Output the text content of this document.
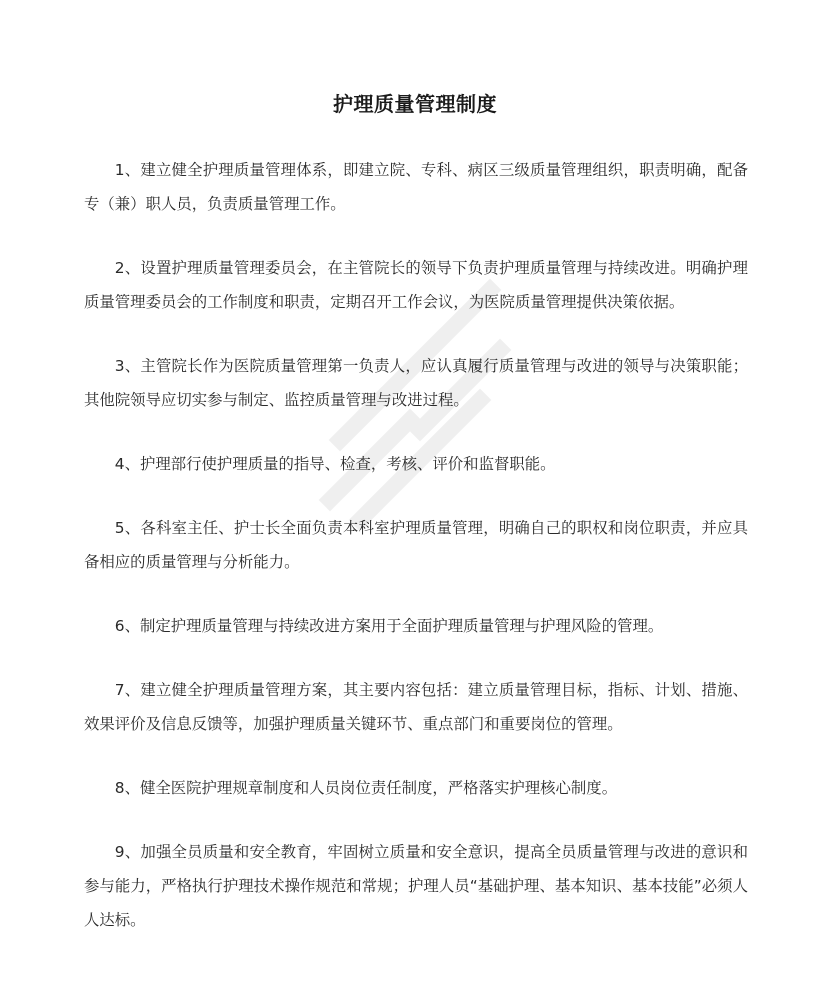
护理质量管理制度

1、建立健全护理质量管理体系，即建立院、专科、病区三级质量管理组织，职责明确，配备专（兼）职人员，负责质量管理工作。

2、设置护理质量管理委员会，在主管院长的领导下负责护理质量管理与持续改进。明确护理质量管理委员会的工作制度和职责，定期召开工作会议，为医院质量管理提供决策依据。

3、主管院长作为医院质量管理第一负责人，应认真履行质量管理与改进的领导与决策职能；其他院领导应切实参与制定、监控质量管理与改进过程。

4、护理部行使护理质量的指导、检查，考核、评价和监督职能。

5、各科室主任、护士长全面负责本科室护理质量管理，明确自己的职权和岗位职责，并应具备相应的质量管理与分析能力。

6、制定护理质量管理与持续改进方案用于全面护理质量管理与护理风险的管理。

7、建立健全护理质量管理方案，其主要内容包括：建立质量管理目标，指标、计划、措施、效果评价及信息反馈等，加强护理质量关键环节、重点部门和重要岗位的管理。

8、健全医院护理规章制度和人员岗位责任制度，严格落实护理核心制度。

9、加强全员质量和安全教育，牢固树立质量和安全意识，提高全员质量管理与改进的意识和参与能力，严格执行护理技术操作规范和常规；护理人员“基础护理、基本知识、基本技能”必须人人达标。
